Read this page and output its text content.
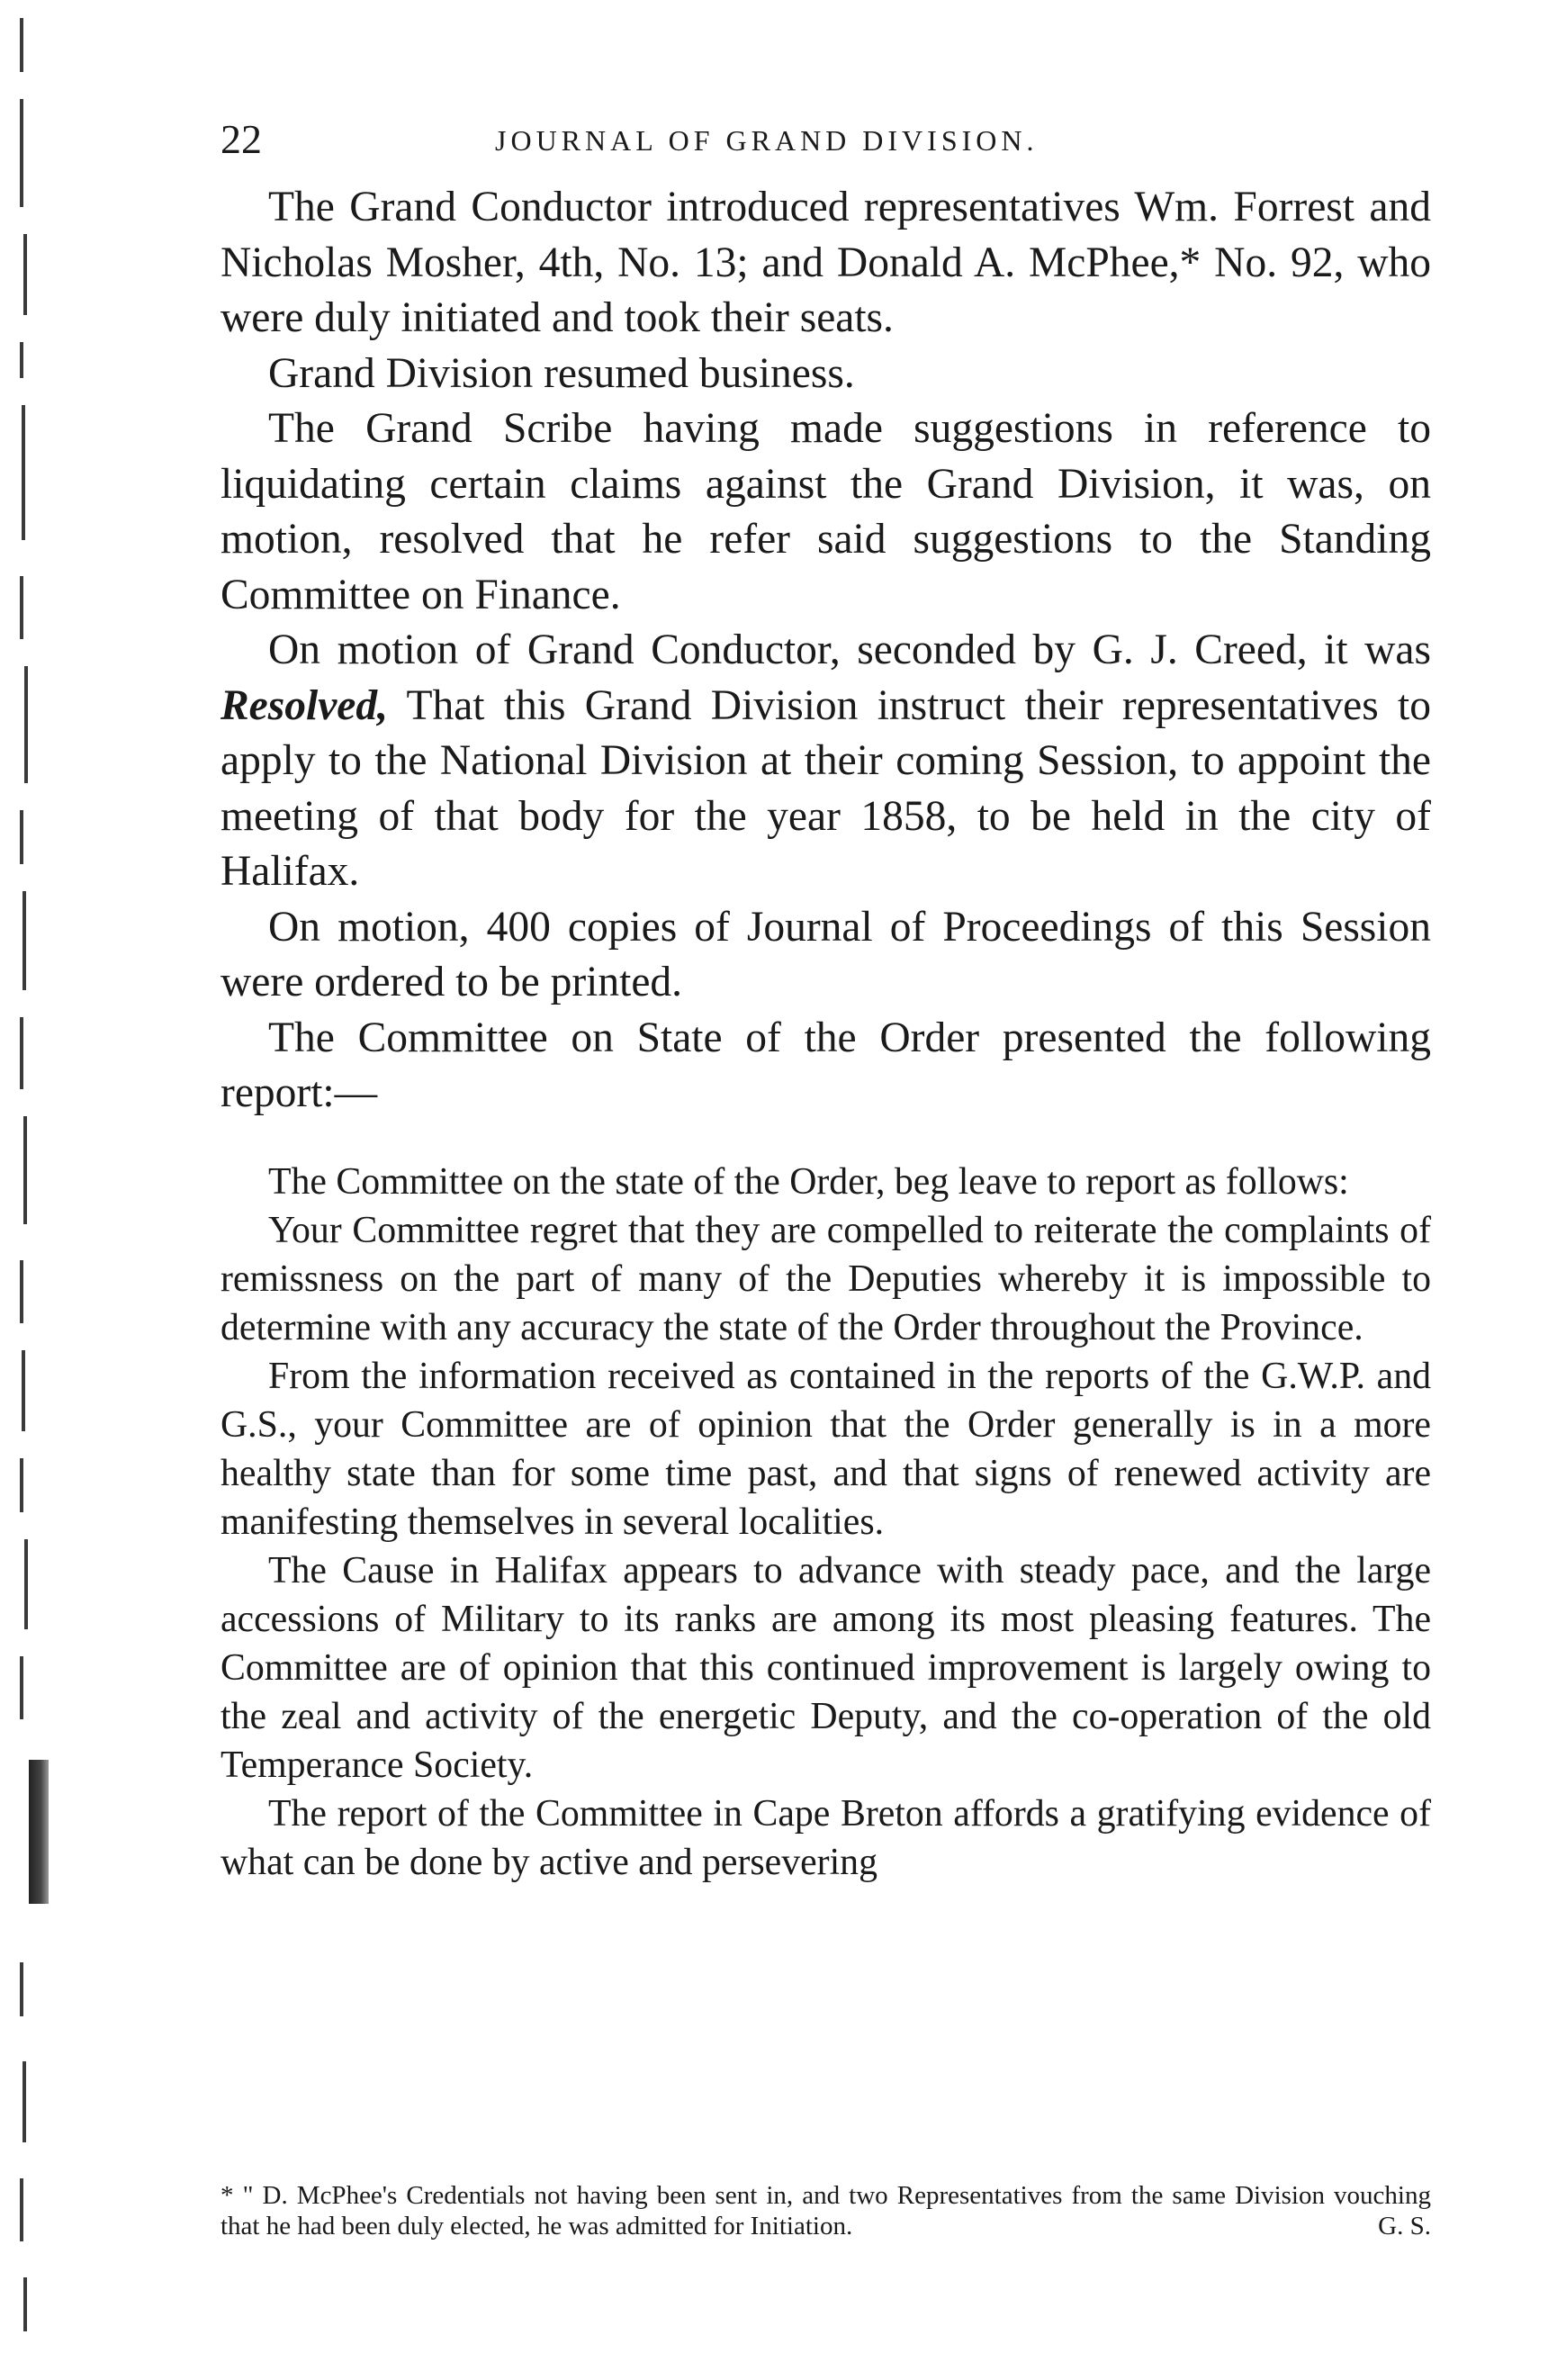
22	JOURNAL OF GRAND DIVISION.

The Grand Conductor introduced representatives Wm. Forrest and Nicholas Mosher, 4th, No. 13; and Donald A. McPhee,* No. 92, who were duly initiated and took their seats.

Grand Division resumed business.

The Grand Scribe having made suggestions in reference to liquidating certain claims against the Grand Division, it was, on motion, resolved that he refer said suggestions to the Standing Committee on Finance.

On motion of Grand Conductor, seconded by G. J. Creed, it was Resolved, That this Grand Division instruct their representatives to apply to the National Division at their coming Session, to appoint the meeting of that body for the year 1858, to be held in the city of Halifax.

On motion, 400 copies of Journal of Proceedings of this Session were ordered to be printed.

The Committee on State of the Order presented the following report:—

The Committee on the state of the Order, beg leave to report as follows:

Your Committee regret that they are compelled to reiterate the complaints of remissness on the part of many of the Deputies whereby it is impossible to determine with any accuracy the state of the Order throughout the Province.

From the information received as contained in the reports of the G.W.P. and G.S., your Committee are of opinion that the Order generally is in a more healthy state than for some time past, and that signs of renewed activity are manifesting themselves in several localities.

The Cause in Halifax appears to advance with steady pace, and the large accessions of Military to its ranks are among its most pleasing features. The Committee are of opinion that this continued improvement is largely owing to the zeal and activity of the energetic Deputy, and the co-operation of the old Temperance Society.

The report of the Committee in Cape Breton affords a gratifying evidence of what can be done by active and persevering

* " D. McPhee's Credentials not having been sent in, and two Representatives from the same Division vouching that he had been duly elected, he was admitted for Initiation.	G. S.
